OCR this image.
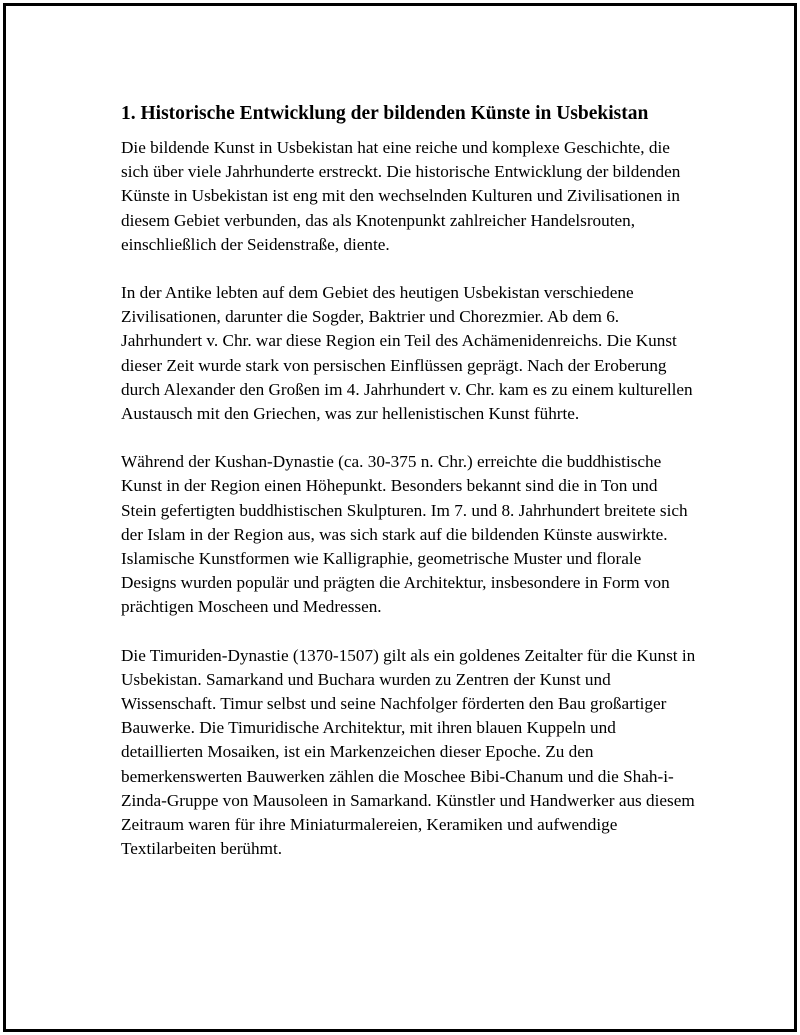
1. Historische Entwicklung der bildenden Künste in Usbekistan

Die bildende Kunst in Usbekistan hat eine reiche und komplexe Geschichte, die sich über viele Jahrhunderte erstreckt. Die historische Entwicklung der bildenden Künste in Usbekistan ist eng mit den wechselnden Kulturen und Zivilisationen in diesem Gebiet verbunden, das als Knotenpunkt zahlreicher Handelsrouten, einschließlich der Seidenstraße, diente.

In der Antike lebten auf dem Gebiet des heutigen Usbekistan verschiedene Zivilisationen, darunter die Sogder, Baktrier und Chorezmier. Ab dem 6. Jahrhundert v. Chr. war diese Region ein Teil des Achämenidenreichs. Die Kunst dieser Zeit wurde stark von persischen Einflüssen geprägt. Nach der Eroberung durch Alexander den Großen im 4. Jahrhundert v. Chr. kam es zu einem kulturellen Austausch mit den Griechen, was zur hellenistischen Kunst führte.

Während der Kushan-Dynastie (ca. 30-375 n. Chr.) erreichte die buddhistische Kunst in der Region einen Höhepunkt. Besonders bekannt sind die in Ton und Stein gefertigten buddhistischen Skulpturen. Im 7. und 8. Jahrhundert breitete sich der Islam in der Region aus, was sich stark auf die bildenden Künste auswirkte. Islamische Kunstformen wie Kalligraphie, geometrische Muster und florale Designs wurden populär und prägten die Architektur, insbesondere in Form von prächtigen Moscheen und Medressen.

Die Timuriden-Dynastie (1370-1507) gilt als ein goldenes Zeitalter für die Kunst in Usbekistan. Samarkand und Buchara wurden zu Zentren der Kunst und Wissenschaft. Timur selbst und seine Nachfolger förderten den Bau großartiger Bauwerke. Die Timuridische Architektur, mit ihren blauen Kuppeln und detaillierten Mosaiken, ist ein Markenzeichen dieser Epoche. Zu den bemerkenswerten Bauwerken zählen die Moschee Bibi-Chanum und die Shah-i-Zinda-Gruppe von Mausoleen in Samarkand. Künstler und Handwerker aus diesem Zeitraum waren für ihre Miniaturmalereien, Keramiken und aufwendige Textilarbeiten berühmt.
